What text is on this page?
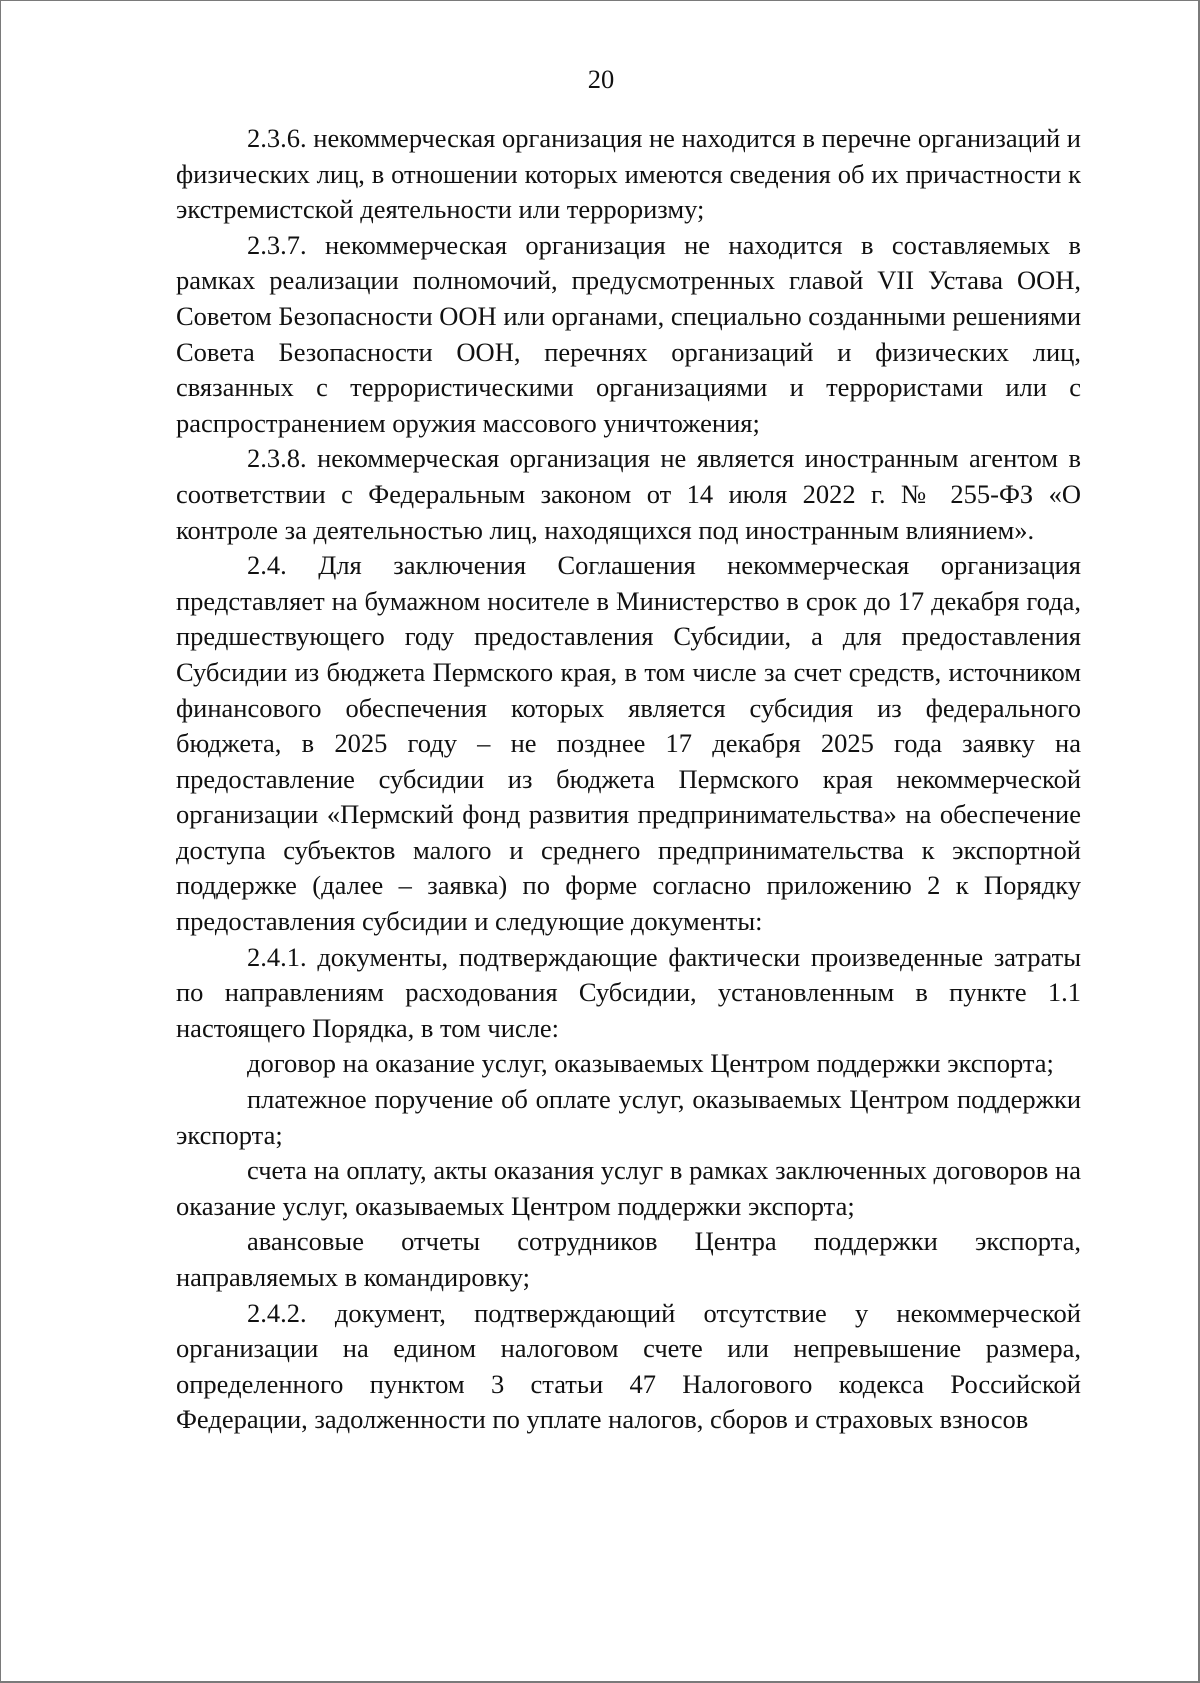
20

2.3.6. некоммерческая организация не находится в перечне организаций и физических лиц, в отношении которых имеются сведения об их причастности к экстремистской деятельности или терроризму;

2.3.7. некоммерческая организация не находится в составляемых в рамках реализации полномочий, предусмотренных главой VII Устава ООН, Советом Безопасности ООН или органами, специально созданными решениями Совета Безопасности ООН, перечнях организаций и физических лиц, связанных с террористическими организациями и террористами или с распространением оружия массового уничтожения;

2.3.8. некоммерческая организация не является иностранным агентом в соответствии с Федеральным законом от 14 июля 2022 г. № 255-ФЗ «О контроле за деятельностью лиц, находящихся под иностранным влиянием».

2.4. Для заключения Соглашения некоммерческая организация представляет на бумажном носителе в Министерство в срок до 17 декабря года, предшествующего году предоставления Субсидии, а для предоставления Субсидии из бюджета Пермского края, в том числе за счет средств, источником финансового обеспечения которых является субсидия из федерального бюджета, в 2025 году – не позднее 17 декабря 2025 года заявку на предоставление субсидии из бюджета Пермского края некоммерческой организации «Пермский фонд развития предпринимательства» на обеспечение доступа субъектов малого и среднего предпринимательства к экспортной поддержке (далее – заявка) по форме согласно приложению 2 к Порядку предоставления субсидии и следующие документы:

2.4.1. документы, подтверждающие фактически произведенные затраты по направлениям расходования Субсидии, установленным в пункте 1.1 настоящего Порядка, в том числе:

договор на оказание услуг, оказываемых Центром поддержки экспорта;

платежное поручение об оплате услуг, оказываемых Центром поддержки экспорта;

счета на оплату, акты оказания услуг в рамках заключенных договоров на оказание услуг, оказываемых Центром поддержки экспорта;

авансовые отчеты сотрудников Центра поддержки экспорта, направляемых в командировку;

2.4.2. документ, подтверждающий отсутствие у некоммерческой организации на едином налоговом счете или непревышение размера, определенного пунктом 3 статьи 47 Налогового кодекса Российской Федерации, задолженности по уплате налогов, сборов и страховых взносов
